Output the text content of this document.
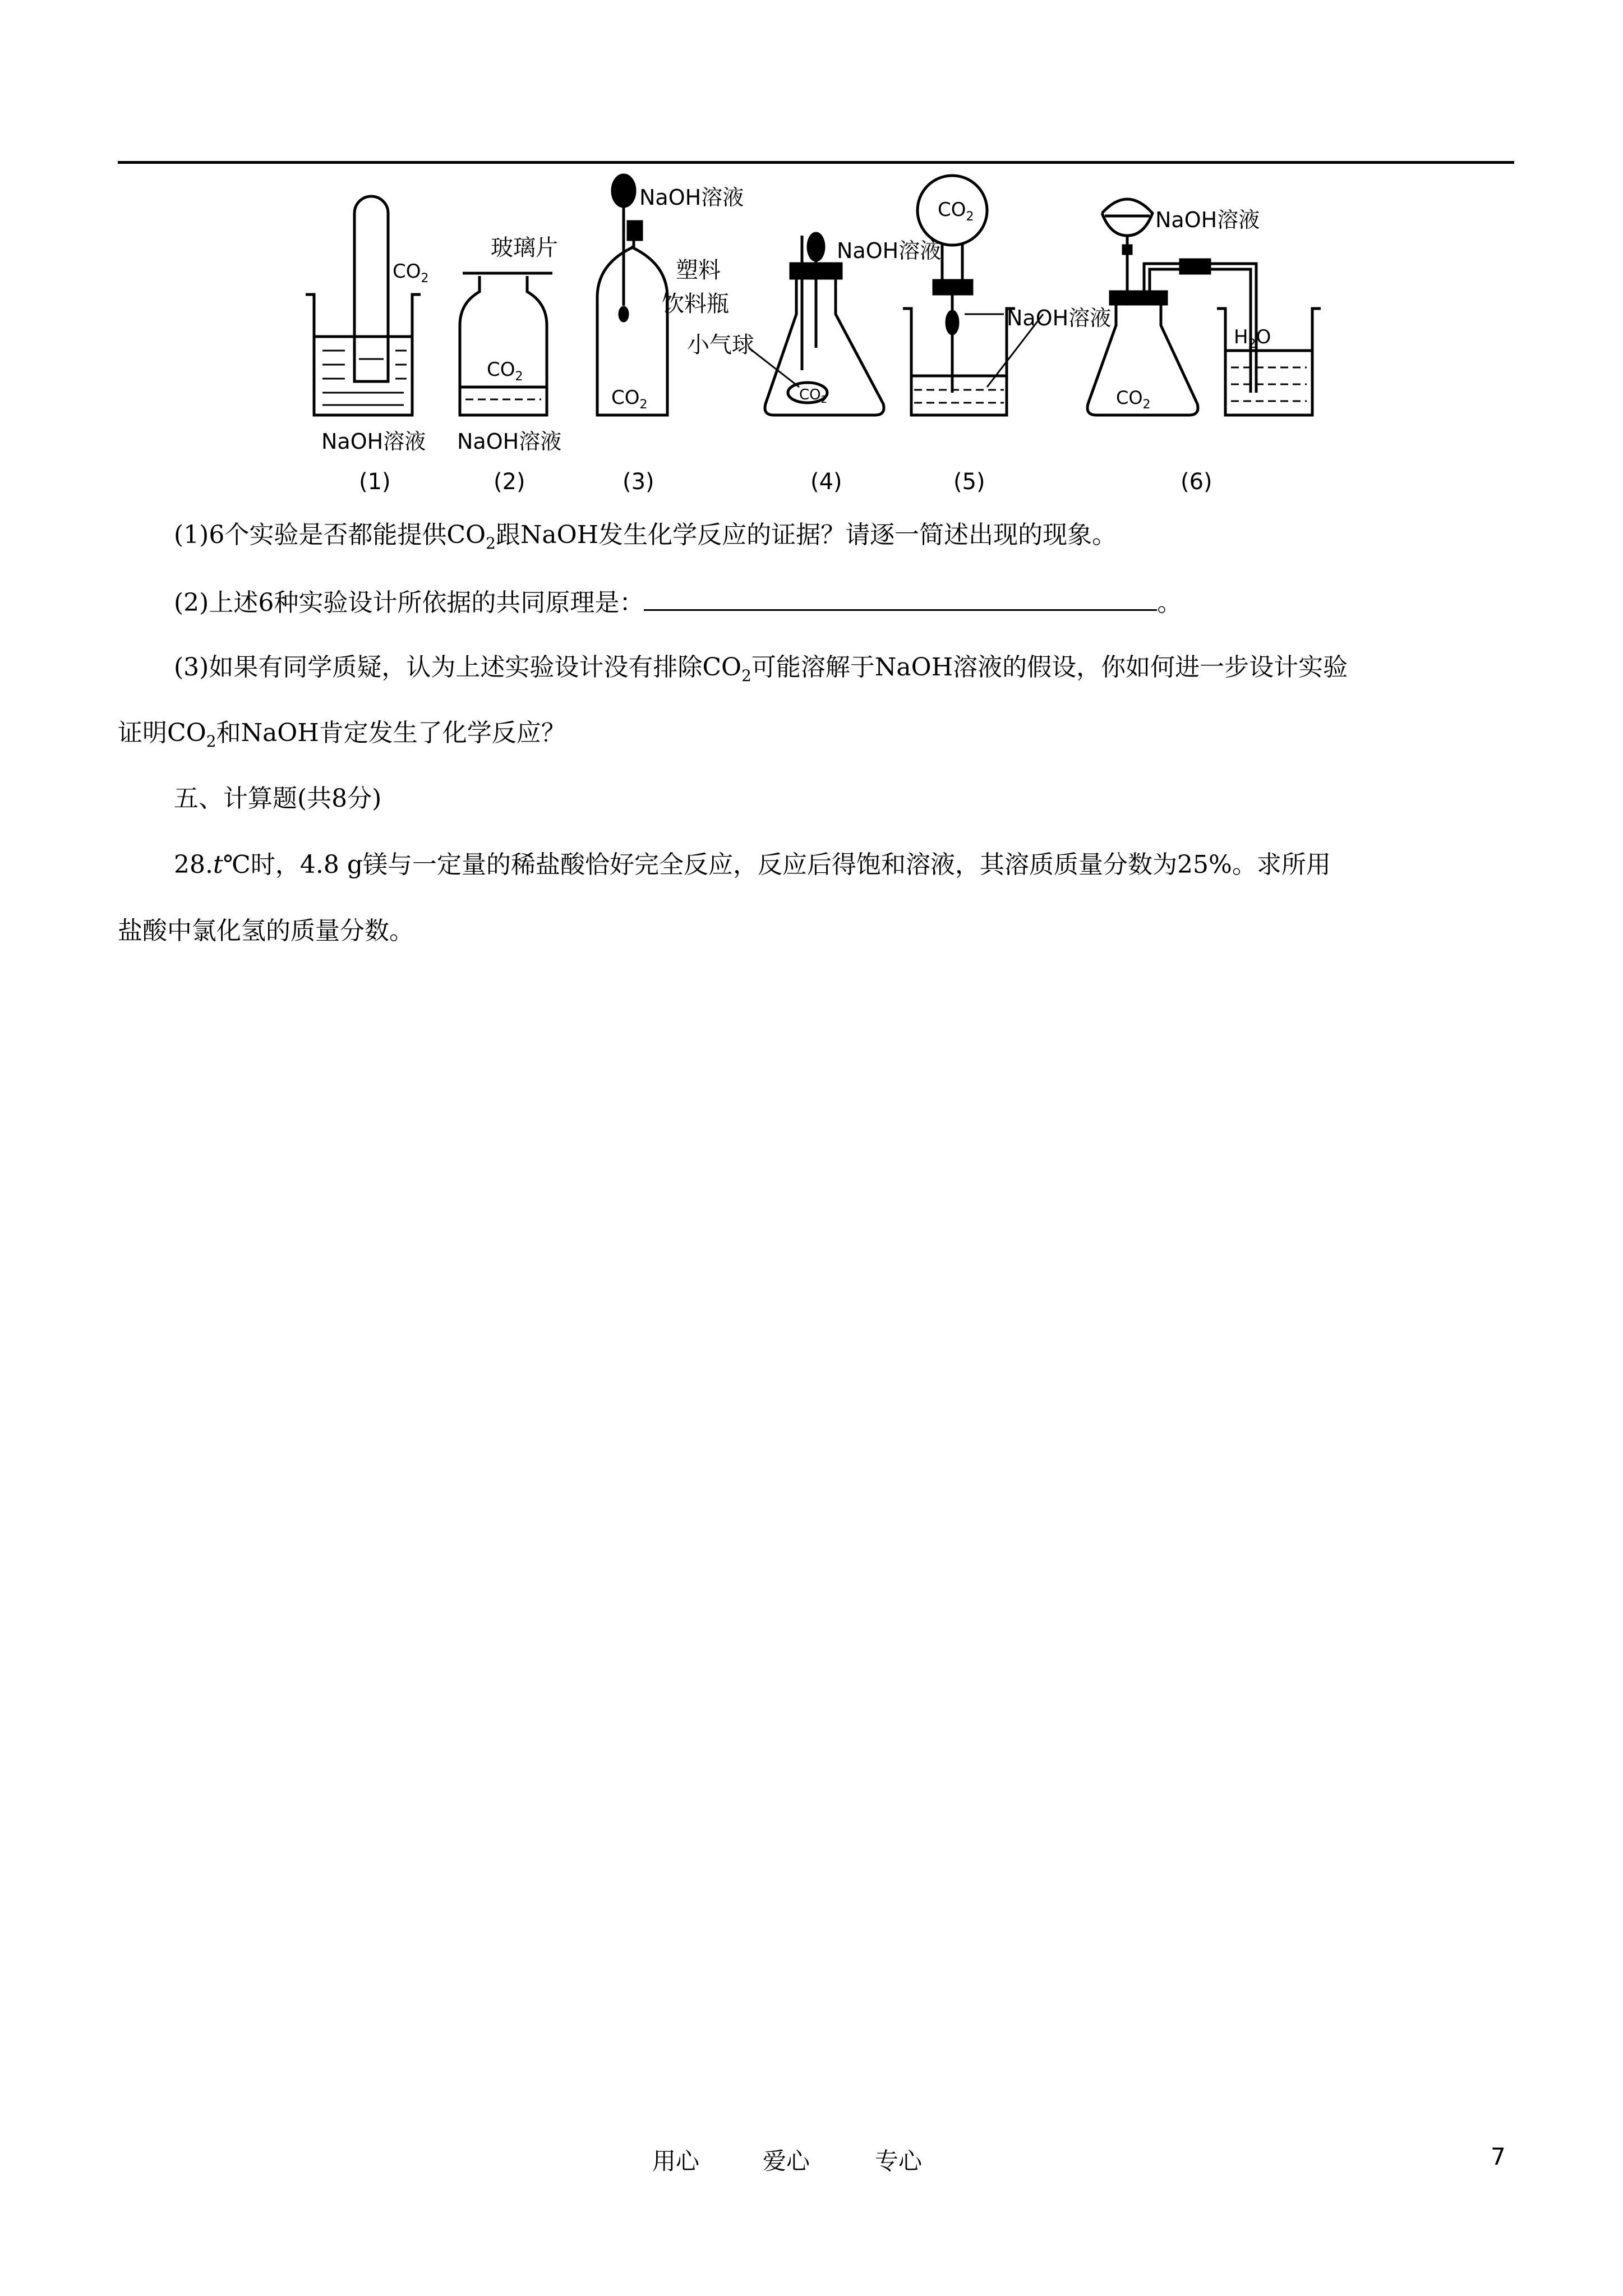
$CO_2$
NaOH溶液
玻璃片
$CO_2$
NaOH溶液
NaOH溶液
塑料
饮料瓶
$CO_2$
NaOH溶液
小气球
$CO_2$
$CO_2$
NaOH溶液
NaOH溶液
$CO_2$
$H_2O$
(1)	(2)	(3)	(4)	(5)	(6)
(1)6个实验是否都能提供$CO_2$跟NaOH发生化学反应的证据？请逐一简述出现的现象。
(2)上述6种实验设计所依据的共同原理是：	。
(3)如果有同学质疑，认为上述实验设计没有排除$CO_2$可能溶解于NaOH溶液的假设，你如何进一步设计实验
证明$CO_2$和NaOH肯定发生了化学反应？
五、计算题(共8分)
28.t℃时，4.8 g镁与一定量的稀盐酸恰好完全反应，反应后得饱和溶液，其溶质质量分数为25%。求所用
盐酸中氯化氢的质量分数。
用心	爱心	专心	7
